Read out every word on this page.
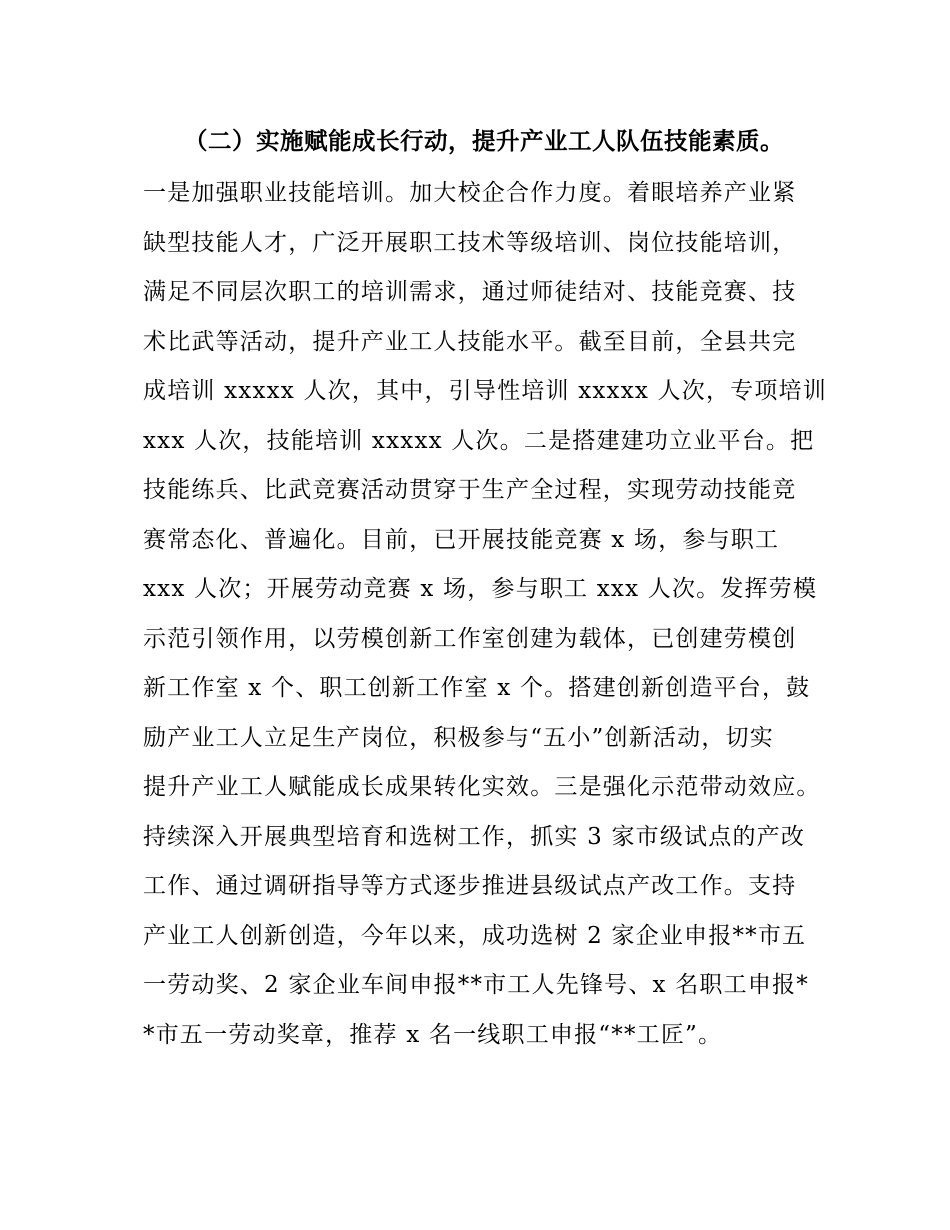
（二）实施赋能成长行动，提升产业工人队伍技能素质。
一是加强职业技能培训。加大校企合作力度。着眼培养产业紧
缺型技能人才，广泛开展职工技术等级培训、岗位技能培训，
满足不同层次职工的培训需求，通过师徒结对、技能竞赛、技
术比武等活动，提升产业工人技能水平。截至目前，全县共完
成培训 xxxxx 人次，其中，引导性培训 xxxxx 人次，专项培训
xxx 人次，技能培训 xxxxx 人次。二是搭建建功立业平台。把
技能练兵、比武竞赛活动贯穿于生产全过程，实现劳动技能竞
赛常态化、普遍化。目前，已开展技能竞赛 x 场，参与职工
xxx 人次；开展劳动竞赛 x 场，参与职工 xxx 人次。发挥劳模
示范引领作用，以劳模创新工作室创建为载体，已创建劳模创
新工作室 x 个、职工创新工作室 x 个。搭建创新创造平台，鼓
励产业工人立足生产岗位，积极参与“五小”创新活动，切实
提升产业工人赋能成长成果转化实效。三是强化示范带动效应。
持续深入开展典型培育和选树工作，抓实 3 家市级试点的产改
工作、通过调研指导等方式逐步推进县级试点产改工作。支持
产业工人创新创造，今年以来，成功选树 2 家企业申报**市五
一劳动奖、2 家企业车间申报**市工人先锋号、x 名职工申报*
*市五一劳动奖章，推荐 x 名一线职工申报“**工匠”。
